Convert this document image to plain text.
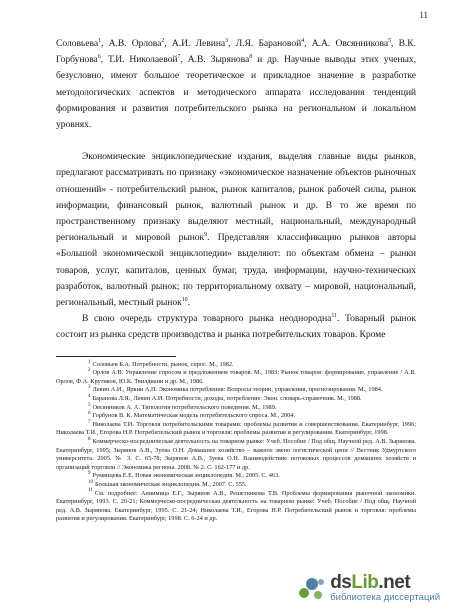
11

Соловьева$^1$, А.В. Орлова$^2$, А.И. Левина$^3$, Л.Я. Барановой$^4$, А.А. Овсянникова$^5$, В.К. Горбунова$^6$, Т.И. Николаевой$^7$, А.В. Зырянова$^8$ и др. Научные выводы этих ученых, безусловно, имеют большое теоретическое и прикладное значение в разработке методологических аспектов и методического аппарата исследования тенденций формирования и развития потребительского рынка на региональном и локальном уровнях.

Экономические энциклопедические издания, выделяя главные виды рынков, предлагают рассматривать по признаку «экономическое назначение объектов рыночных отношений» - потребительский рынок, рынок капиталов, рынок рабочей силы, рынок информации, финансовый рынок, валютный рынок и др. В то же время по пространственному признаку выделяют местный, национальный, международный региональный и мировой рынок$^9$. Представляя классификацию рынков авторы «Большой экономической энциклопедии» выделяют: по объектам обмена – рынки товаров, услуг, капиталов, ценных бумаг, труда, информации, научно-технических разработок, валютный рынок; по территориальному охвату – мировой, национальный, региональный, местный рынок$^{10}$.

В свою очередь структура товарного рынка неоднородна$^{11}$. Товарный рынок состоит из рынка средств производства и рынка потребительских товаров. Кроме

$^1$ Соловьев Б.А. Потребности, рынок, спрос. М., 1982.

$^2$ Орлов А.В. Управление спросом и предложением товаров. М., 1983; Рынок товаров: формирование, управление / А.В. Орлов, Ф.А. Крутиков, Ю.К. Твилдиани и др. М., 1986.

$^3$ Левин А.И., Яркин А.П. Экономика потребления: Вопросы теории, управления, прогнозирования. М., 1984.

$^4$ Баранова Л.Я., Левин А.И. Потребности, доходы, потребление: Экон. словарь-справочник. М., 1988.

$^5$ Овсянников А. А. Типология потребительского поведения. М., 1989.

$^6$ Горбунов В. К. Математическая модель потребительского спроса. М., 2004.

$^7$ Николаева Т.И. Торговля потребительскими товарами: проблемы развития и совершенствования. Екатеринбург, 1996; Николаева Т.И., Егорова Н.Р. Потребительский рынок и торговля: проблемы развития и регулирования. Екатеринбург, 1998.

$^8$ Коммерческо-посредническая деятельность на товарном рынке: Учеб. Пособие / Под общ. Научной ред. А.В. Зырянова. Екатеринбург, 1995; Зырянов А.В., Зуева О.Н. Домашнее хозяйство – важное звено логистической цепи // Вестник Удмуртского университета. 2005. № 3. С. 65-78; Зырянов А.В., Зуева О.Н. Взаимодействие потоковых процессов домашних хозяйств и организаций торговли // Экономика региона. 2008. № 2. С. 162-177 и др.

$^9$ Румянцева Е.Е. Новая экономическая энциклопедия. М., 2005. С. 463.

$^{10}$ Большая экономическая энциклопедия. М., 2007. С. 555.

$^{11}$ См. подробнее: Аниимица Е.Г., Зырянов А.В., Решетникова Т.В. Проблемы формирования рыночной экономики. Екатеринбург, 1993. С. 20-21; Коммерческо-посредническая деятельность на товарном рынке: Учеб. Пособие / Под общ. Научной ред. А.В. Зырянова. Екатеринбург, 1995. С. 21-24; Николаева Т.И., Егорова Н.Р. Потребительский рынок и торговля: проблемы развития и регулирования. Екатеринбург, 1998. С. 6-24 и др.

dsLib.net
библиотека диссертаций
